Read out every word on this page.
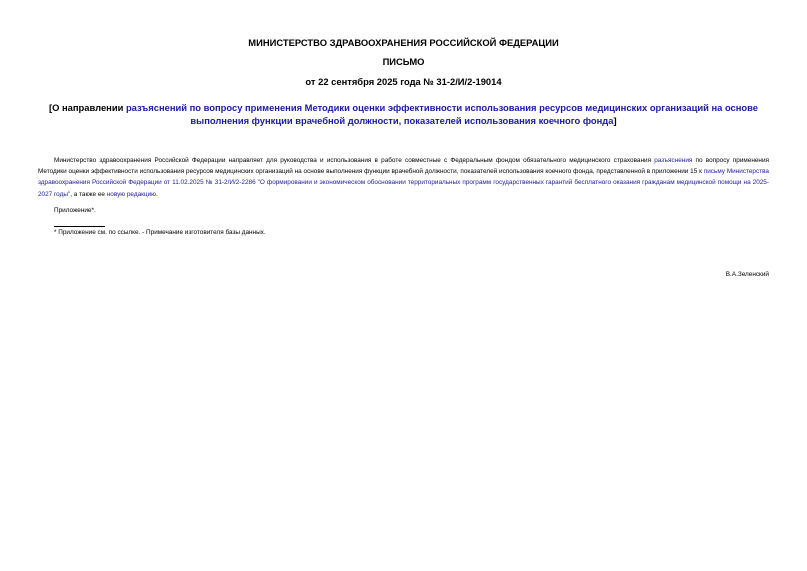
МИНИСТЕРСТВО ЗДРАВООХРАНЕНИЯ РОССИЙСКОЙ ФЕДЕРАЦИИ
ПИСЬМО
от 22 сентября 2025 года № 31-2/И/2-19014
[О направлении разъяснений по вопросу применения Методики оценки эффективности использования ресурсов медицинских организаций на основе выполнения функции врачебной должности, показателей использования коечного фонда]
Министерство здравоохранения Российской Федерации направляет для руководства и использования в работе совместные с Федеральным фондом обязательного медицинского страхования разъяснения по вопросу применения Методики оценки эффективности использования ресурсов медицинских организаций на основе выполнения функции врачебной должности, показателей использования коечного фонда, представленной в приложении 15 к письму Министерства здравоохранения Российской Федерации от 11.02.2025 № 31-2/И/2-2286 "О формировании и экономическом обосновании территориальных программ государственных гарантий бесплатного оказания гражданам медицинской помощи на 2025-2027 годы", а также ее новую редакцию.
Приложение*.
* Приложение см. по ссылке. - Примечание изготовителя базы данных.
В.А.Зеленский
